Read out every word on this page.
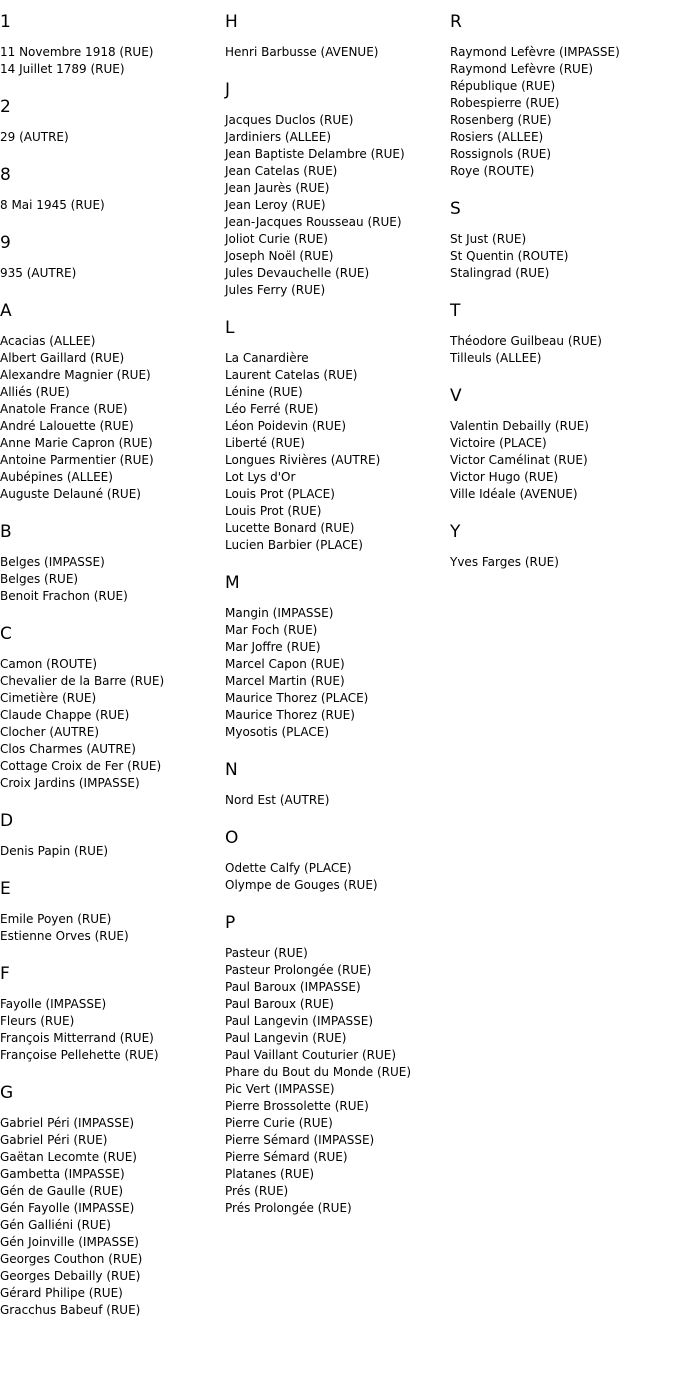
1
11 Novembre 1918 (RUE)
14 Juillet 1789 (RUE)
2
29 (AUTRE)
8
8 Mai 1945 (RUE)
9
935 (AUTRE)
A
Acacias (ALLEE)
Albert Gaillard (RUE)
Alexandre Magnier (RUE)
Alliés (RUE)
Anatole France (RUE)
André Lalouette (RUE)
Anne Marie Capron (RUE)
Antoine Parmentier (RUE)
Aubépines (ALLEE)
Auguste Delauné (RUE)
B
Belges (IMPASSE)
Belges (RUE)
Benoit Frachon (RUE)
C
Camon (ROUTE)
Chevalier de la Barre (RUE)
Cimetière (RUE)
Claude Chappe (RUE)
Clocher (AUTRE)
Clos Charmes (AUTRE)
Cottage Croix de Fer (RUE)
Croix Jardins (IMPASSE)
D
Denis Papin (RUE)
E
Emile Poyen (RUE)
Estienne Orves (RUE)
F
Fayolle (IMPASSE)
Fleurs (RUE)
François Mitterrand (RUE)
Françoise Pellehette (RUE)
G
Gabriel Péri (IMPASSE)
Gabriel Péri (RUE)
Gaëtan Lecomte (RUE)
Gambetta (IMPASSE)
Gén de Gaulle (RUE)
Gén Fayolle (IMPASSE)
Gén Galliéni (RUE)
Gén Joinville (IMPASSE)
Georges Couthon (RUE)
Georges Debailly (RUE)
Gérard Philipe (RUE)
Gracchus Babeuf (RUE)
H
Henri Barbusse (AVENUE)
J
Jacques Duclos (RUE)
Jardiniers (ALLEE)
Jean Baptiste Delambre (RUE)
Jean Catelas (RUE)
Jean Jaurès (RUE)
Jean Leroy (RUE)
Jean-Jacques Rousseau (RUE)
Joliot Curie (RUE)
Joseph Noël (RUE)
Jules Devauchelle (RUE)
Jules Ferry (RUE)
L
La Canardière
Laurent Catelas (RUE)
Lénine (RUE)
Léo Ferré (RUE)
Léon Poidevin (RUE)
Liberté (RUE)
Longues Rivières (AUTRE)
Lot Lys d'Or
Louis Prot (PLACE)
Louis Prot (RUE)
Lucette Bonard (RUE)
Lucien Barbier (PLACE)
M
Mangin (IMPASSE)
Mar Foch (RUE)
Mar Joffre (RUE)
Marcel Capon (RUE)
Marcel Martin (RUE)
Maurice Thorez (PLACE)
Maurice Thorez (RUE)
Myosotis (PLACE)
N
Nord Est (AUTRE)
O
Odette Calfy (PLACE)
Olympe de Gouges (RUE)
P
Pasteur (RUE)
Pasteur Prolongée (RUE)
Paul Baroux (IMPASSE)
Paul Baroux (RUE)
Paul Langevin (IMPASSE)
Paul Langevin (RUE)
Paul Vaillant Couturier (RUE)
Phare du Bout du Monde (RUE)
Pic Vert (IMPASSE)
Pierre Brossolette (RUE)
Pierre Curie (RUE)
Pierre Sémard (IMPASSE)
Pierre Sémard (RUE)
Platanes (RUE)
Prés (RUE)
Prés Prolongée (RUE)
R
Raymond Lefèvre (IMPASSE)
Raymond Lefèvre (RUE)
République (RUE)
Robespierre (RUE)
Rosenberg (RUE)
Rosiers (ALLEE)
Rossignols (RUE)
Roye (ROUTE)
S
St Just (RUE)
St Quentin (ROUTE)
Stalingrad (RUE)
T
Théodore Guilbeau (RUE)
Tilleuls (ALLEE)
V
Valentin Debailly (RUE)
Victoire (PLACE)
Victor Camélinat (RUE)
Victor Hugo (RUE)
Ville Idéale (AVENUE)
Y
Yves Farges (RUE)
